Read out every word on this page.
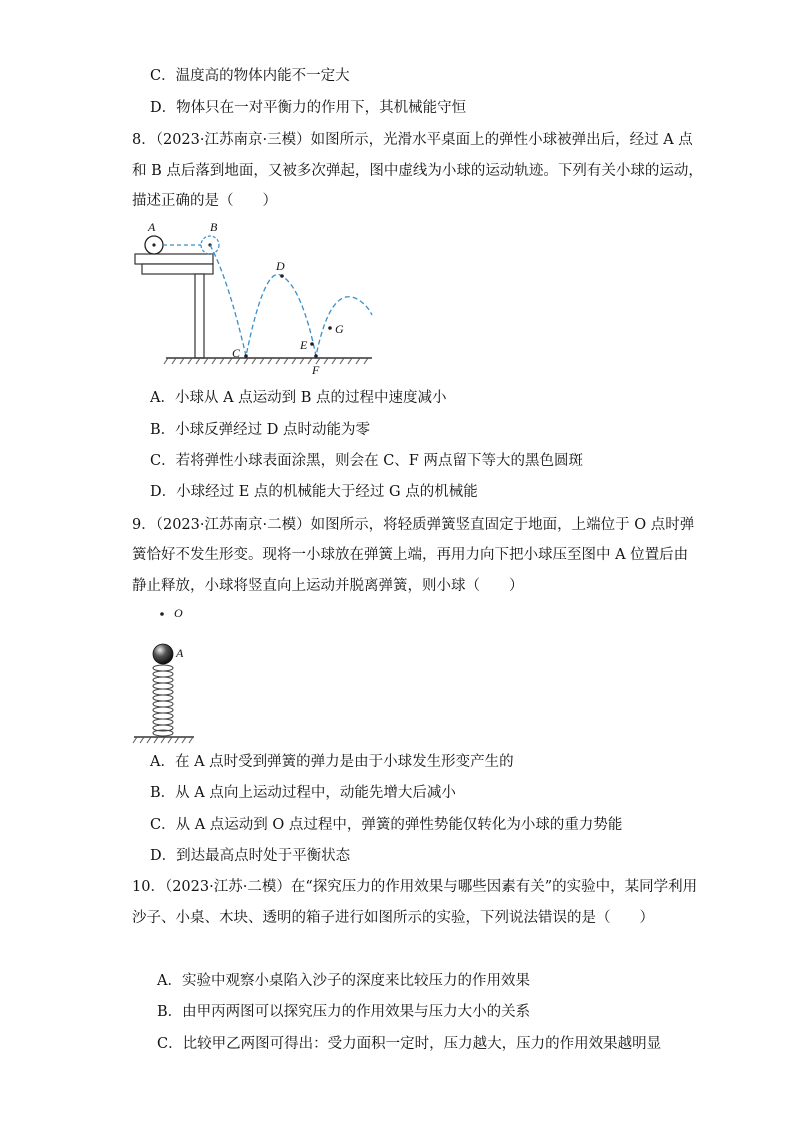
C．温度高的物体内能不一定大
D．物体只在一对平衡力的作用下，其机械能守恒
8．（2023·江苏南京·三模）如图所示，光滑水平桌面上的弹性小球被弹出后，经过 A 点
和 B 点后落到地面，又被多次弹起，图中虚线为小球的运动轨迹。下列有关小球的运动，
描述正确的是（　　）
A	B
C
D
E
F
G
A．小球从 A 点运动到 B 点的过程中速度减小
B．小球反弹经过 D 点时动能为零
C．若将弹性小球表面涂黑，则会在 C、F 两点留下等大的黑色圆斑
D．小球经过 E 点的机械能大于经过 G 点的机械能
9．（2023·江苏南京·二模）如图所示，将轻质弹簧竖直固定于地面，上端位于 O 点时弹
簧恰好不发生形变。现将一小球放在弹簧上端，再用力向下把小球压至图中 A 位置后由
静止释放，小球将竖直向上运动并脱离弹簧，则小球（　　）
O
A
A．在 A 点时受到弹簧的弹力是由于小球发生形变产生的
B．从 A 点向上运动过程中，动能先增大后减小
C．从 A 点运动到 O 点过程中，弹簧的弹性势能仅转化为小球的重力势能
D．到达最高点时处于平衡状态
10．（2023·江苏·二模）在“探究压力的作用效果与哪些因素有关”的实验中，某同学利用
沙子、小桌、木块、透明的箱子进行如图所示的实验，下列说法错误的是（　　）
A．实验中观察小桌陷入沙子的深度来比较压力的作用效果
B．由甲丙两图可以探究压力的作用效果与压力大小的关系
C．比较甲乙两图可得出：受力面积一定时，压力越大，压力的作用效果越明显
